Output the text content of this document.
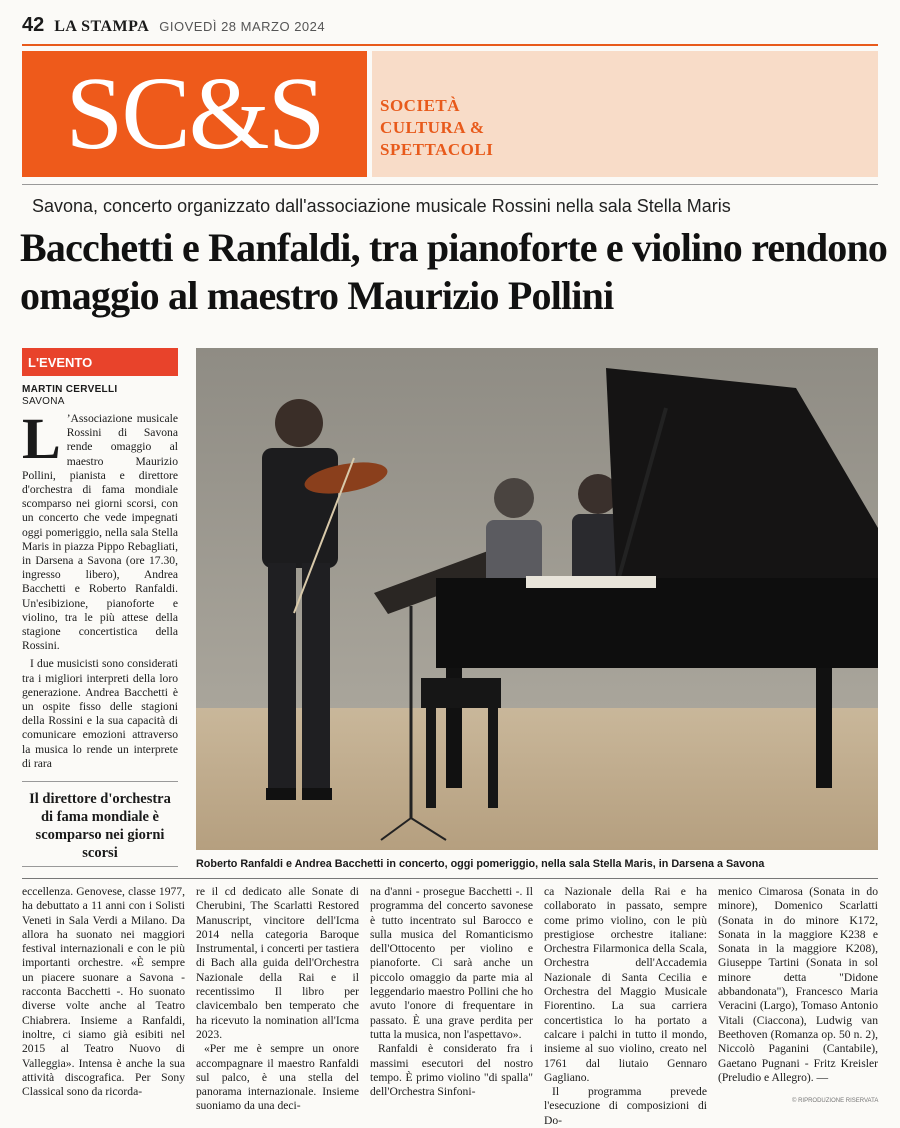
42 LA STAMPA GIOVEDÌ 28 MARZO 2024
SC&S	SOCIETÀ
CULTURA &
SPETTACOLI
Savona, concerto organizzato dall'associazione musicale Rossini nella sala Stella Maris
Bacchetti e Ranfaldi, tra pianoforte e violino rendono omaggio al maestro Maurizio Pollini
L'EVENTO
MARTIN CERVELLI
SAVONA

L ’Associazione musicale Rossini di Savona rende omaggio al maestro Maurizio Pollini, pianista e direttore d'orchestra di fama mondiale scomparso nei giorni scorsi, con un concerto che vede impegnati oggi pomeriggio, nella sala Stella Maris in piazza Pippo Rebagliati, in Darsena a Savona (ore 17.30, ingresso libero), Andrea Bacchetti e Roberto Ranfaldi. Un'esibizione, pianoforte e violino, tra le più attese della stagione concertistica della Rossini.

I due musicisti sono considerati tra i migliori interpreti della loro generazione. Andrea Bacchetti è un ospite fisso delle stagioni della Rossini e la sua capacità di comunicare emozioni attraverso la musica lo rende un interprete di rara

Il direttore d'orchestra di fama mondiale è scomparso nei giorni scorsi
Roberto Ranfaldi e Andrea Bacchetti in concerto, oggi pomeriggio, nella sala Stella Maris, in Darsena a Savona

eccellenza. Genovese, classe 1977, ha debuttato a 11 anni con i Solisti Veneti in Sala Verdi a Milano. Da allora ha suonato nei maggiori festival internazionali e con le più importanti orchestre. «È sempre un piacere suonare a Savona - racconta Bacchetti -. Ho suonato diverse volte anche al Teatro Chiabrera. Insieme a Ranfaldi, inoltre, ci siamo già esibiti nel 2015 al Teatro Nuovo di Valleggia». Intensa è anche la sua attività discografica. Per Sony Classical sono da ricorda-

re il cd dedicato alle Sonate di Cherubini, The Scarlatti Restored Manuscript, vincitore dell'Icma 2014 nella categoria Baroque Instrumental, i concerti per tastiera di Bach alla guida dell'Orchestra Nazionale della Rai e il recentissimo Il libro per clavicembalo ben temperato che ha ricevuto la nomination all'Icma 2023.

«Per me è sempre un onore accompagnare il maestro Ranfaldi sul palco, è una stella del panorama internazionale. Insieme suoniamo da una deci-

na d'anni - prosegue Bacchetti -. Il programma del concerto savonese è tutto incentrato sul Barocco e sulla musica del Romanticismo dell'Ottocento per violino e pianoforte. Ci sarà anche un piccolo omaggio da parte mia al leggendario maestro Pollini che ho avuto l'onore di frequentare in passato. È una grave perdita per tutta la musica, non l'aspettavo».

Ranfaldi è considerato fra i massimi esecutori del nostro tempo. È primo violino "di spalla" dell'Orchestra Sinfoni-

ca Nazionale della Rai e ha collaborato in passato, sempre come primo violino, con le più prestigiose orchestre italiane: Orchestra Filarmonica della Scala, Orchestra dell'Accademia Nazionale di Santa Cecilia e Orchestra del Maggio Musicale Fiorentino. La sua carriera concertistica lo ha portato a calcare i palchi in tutto il mondo, insieme al suo violino, creato nel 1761 dal liutaio Gennaro Gagliano.

Il programma prevede l'esecuzione di composizioni di Do-

menico Cimarosa (Sonata in do minore), Domenico Scarlatti (Sonata in do minore K172, Sonata in la maggiore K238 e Sonata in la maggiore K208), Giuseppe Tartini (Sonata in sol minore detta "Didone abbandonata"), Francesco Maria Veracini (Largo), Tomaso Antonio Vitali (Ciaccona), Ludwig van Beethoven (Romanza op. 50 n. 2), Niccolò Paganini (Cantabile), Gaetano Pugnani - Fritz Kreisler (Preludio e Allegro). —

© RIPRODUZIONE RISERVATA
